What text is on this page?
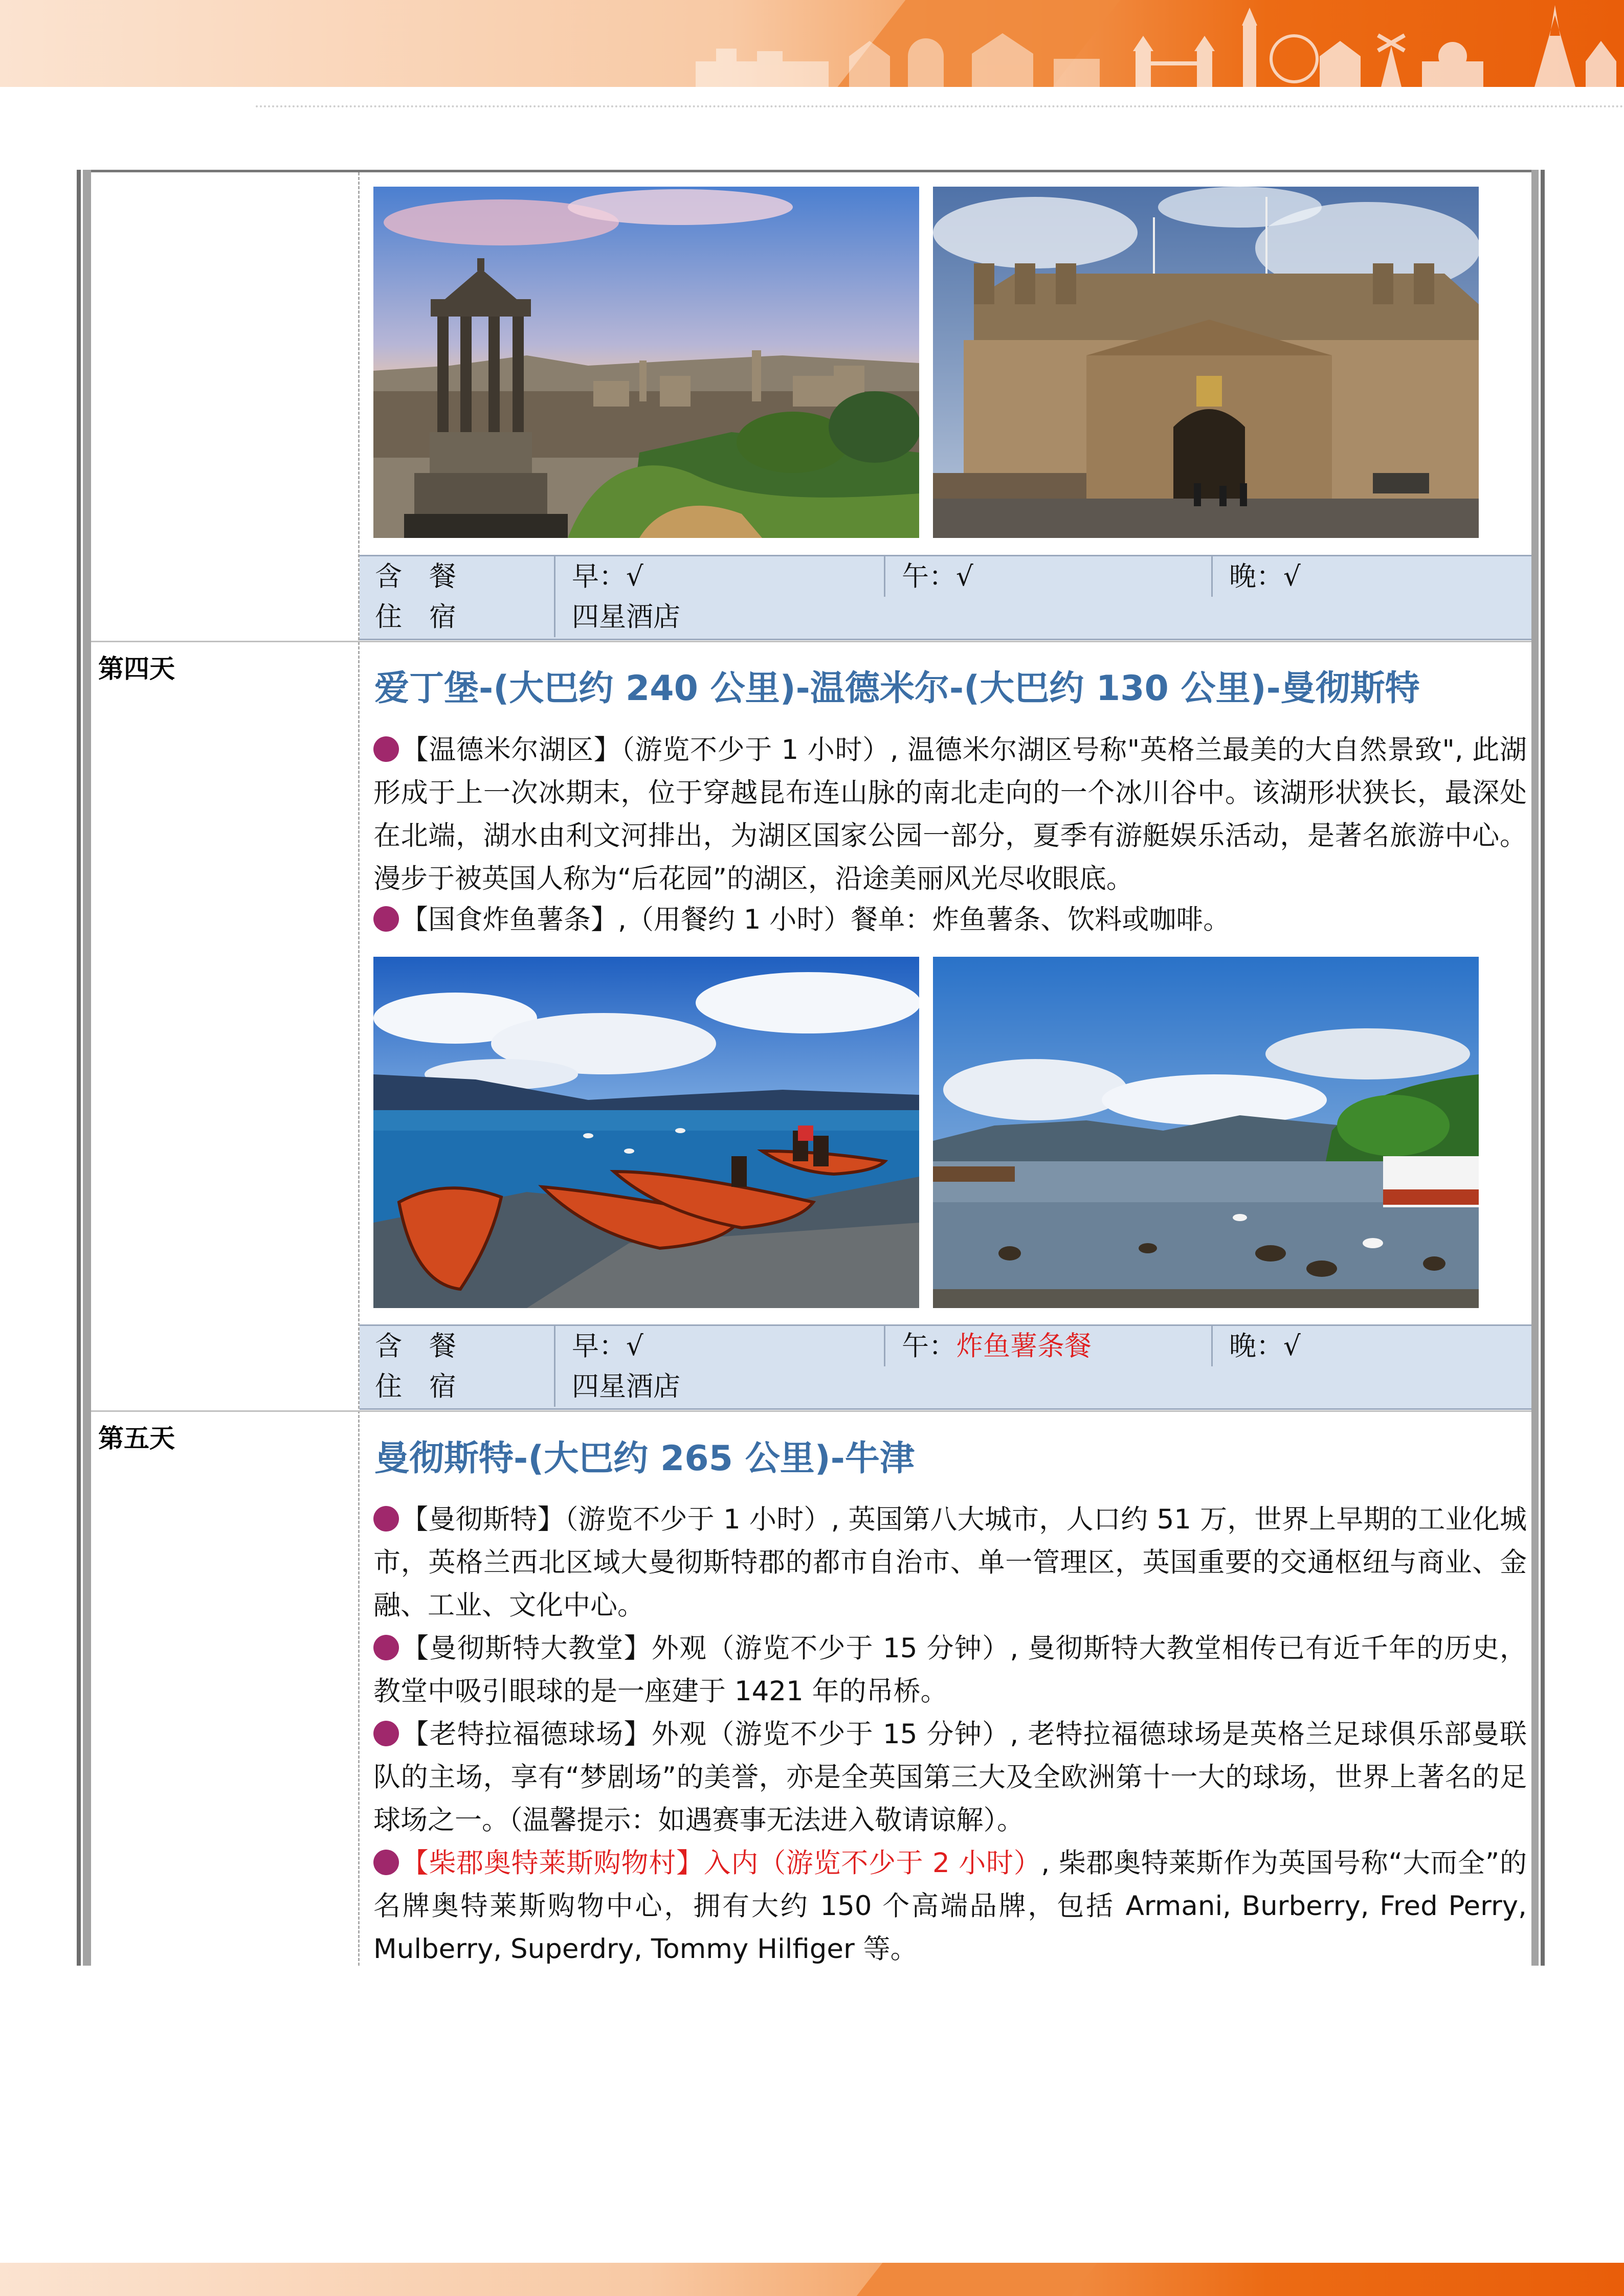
含　餐	早：√	午：√	晚：√
住　宿	四星酒店
第四天	爱丁堡-(大巴约 240 公里)-温德米尔-(大巴约 130 公里)-曼彻斯特

【温德米尔湖区】（游览不少于 1 小时）, 温德米尔湖区号称"英格兰最美的大自然景致", 此湖形成于上一次冰期末，位于穿越昆布连山脉的南北走向的一个冰川谷中。该湖形状狭长，最深处在北端，湖水由利文河排出，为湖区国家公园一部分，夏季有游艇娱乐活动，是著名旅游中心。漫步于被英国人称为“后花园”的湖区，沿途美丽风光尽收眼底。

【国食炸鱼薯条】,（用餐约 1 小时）餐单：炸鱼薯条、饮料或咖啡。

含　餐	早：√	午：炸鱼薯条餐	晚：√
住　宿	四星酒店
第五天	曼彻斯特-(大巴约 265 公里)-牛津

【曼彻斯特】（游览不少于 1 小时）, 英国第八大城市，人口约 51 万，世界上早期的工业化城市，英格兰西北区域大曼彻斯特郡的都市自治市、单一管理区，英国重要的交通枢纽与商业、金融、工业、文化中心。

【曼彻斯特大教堂】外观（游览不少于 15 分钟）, 曼彻斯特大教堂相传已有近千年的历史，教堂中吸引眼球的是一座建于 1421 年的吊桥。

【老特拉福德球场】外观（游览不少于 15 分钟）, 老特拉福德球场是英格兰足球俱乐部曼联队的主场，享有“梦剧场”的美誉，亦是全英国第三大及全欧洲第十一大的球场，世界上著名的足球场之一。（温馨提示：如遇赛事无法进入敬请谅解）。

【柴郡奥特莱斯购物村】入内（游览不少于 2 小时）, 柴郡奥特莱斯作为英国号称“大而全”的名牌奥特莱斯购物中心，拥有大约 150 个高端品牌，包括 Armani, Burberry, Fred Perry, Mulberry, Superdry, Tommy Hilfiger 等。
